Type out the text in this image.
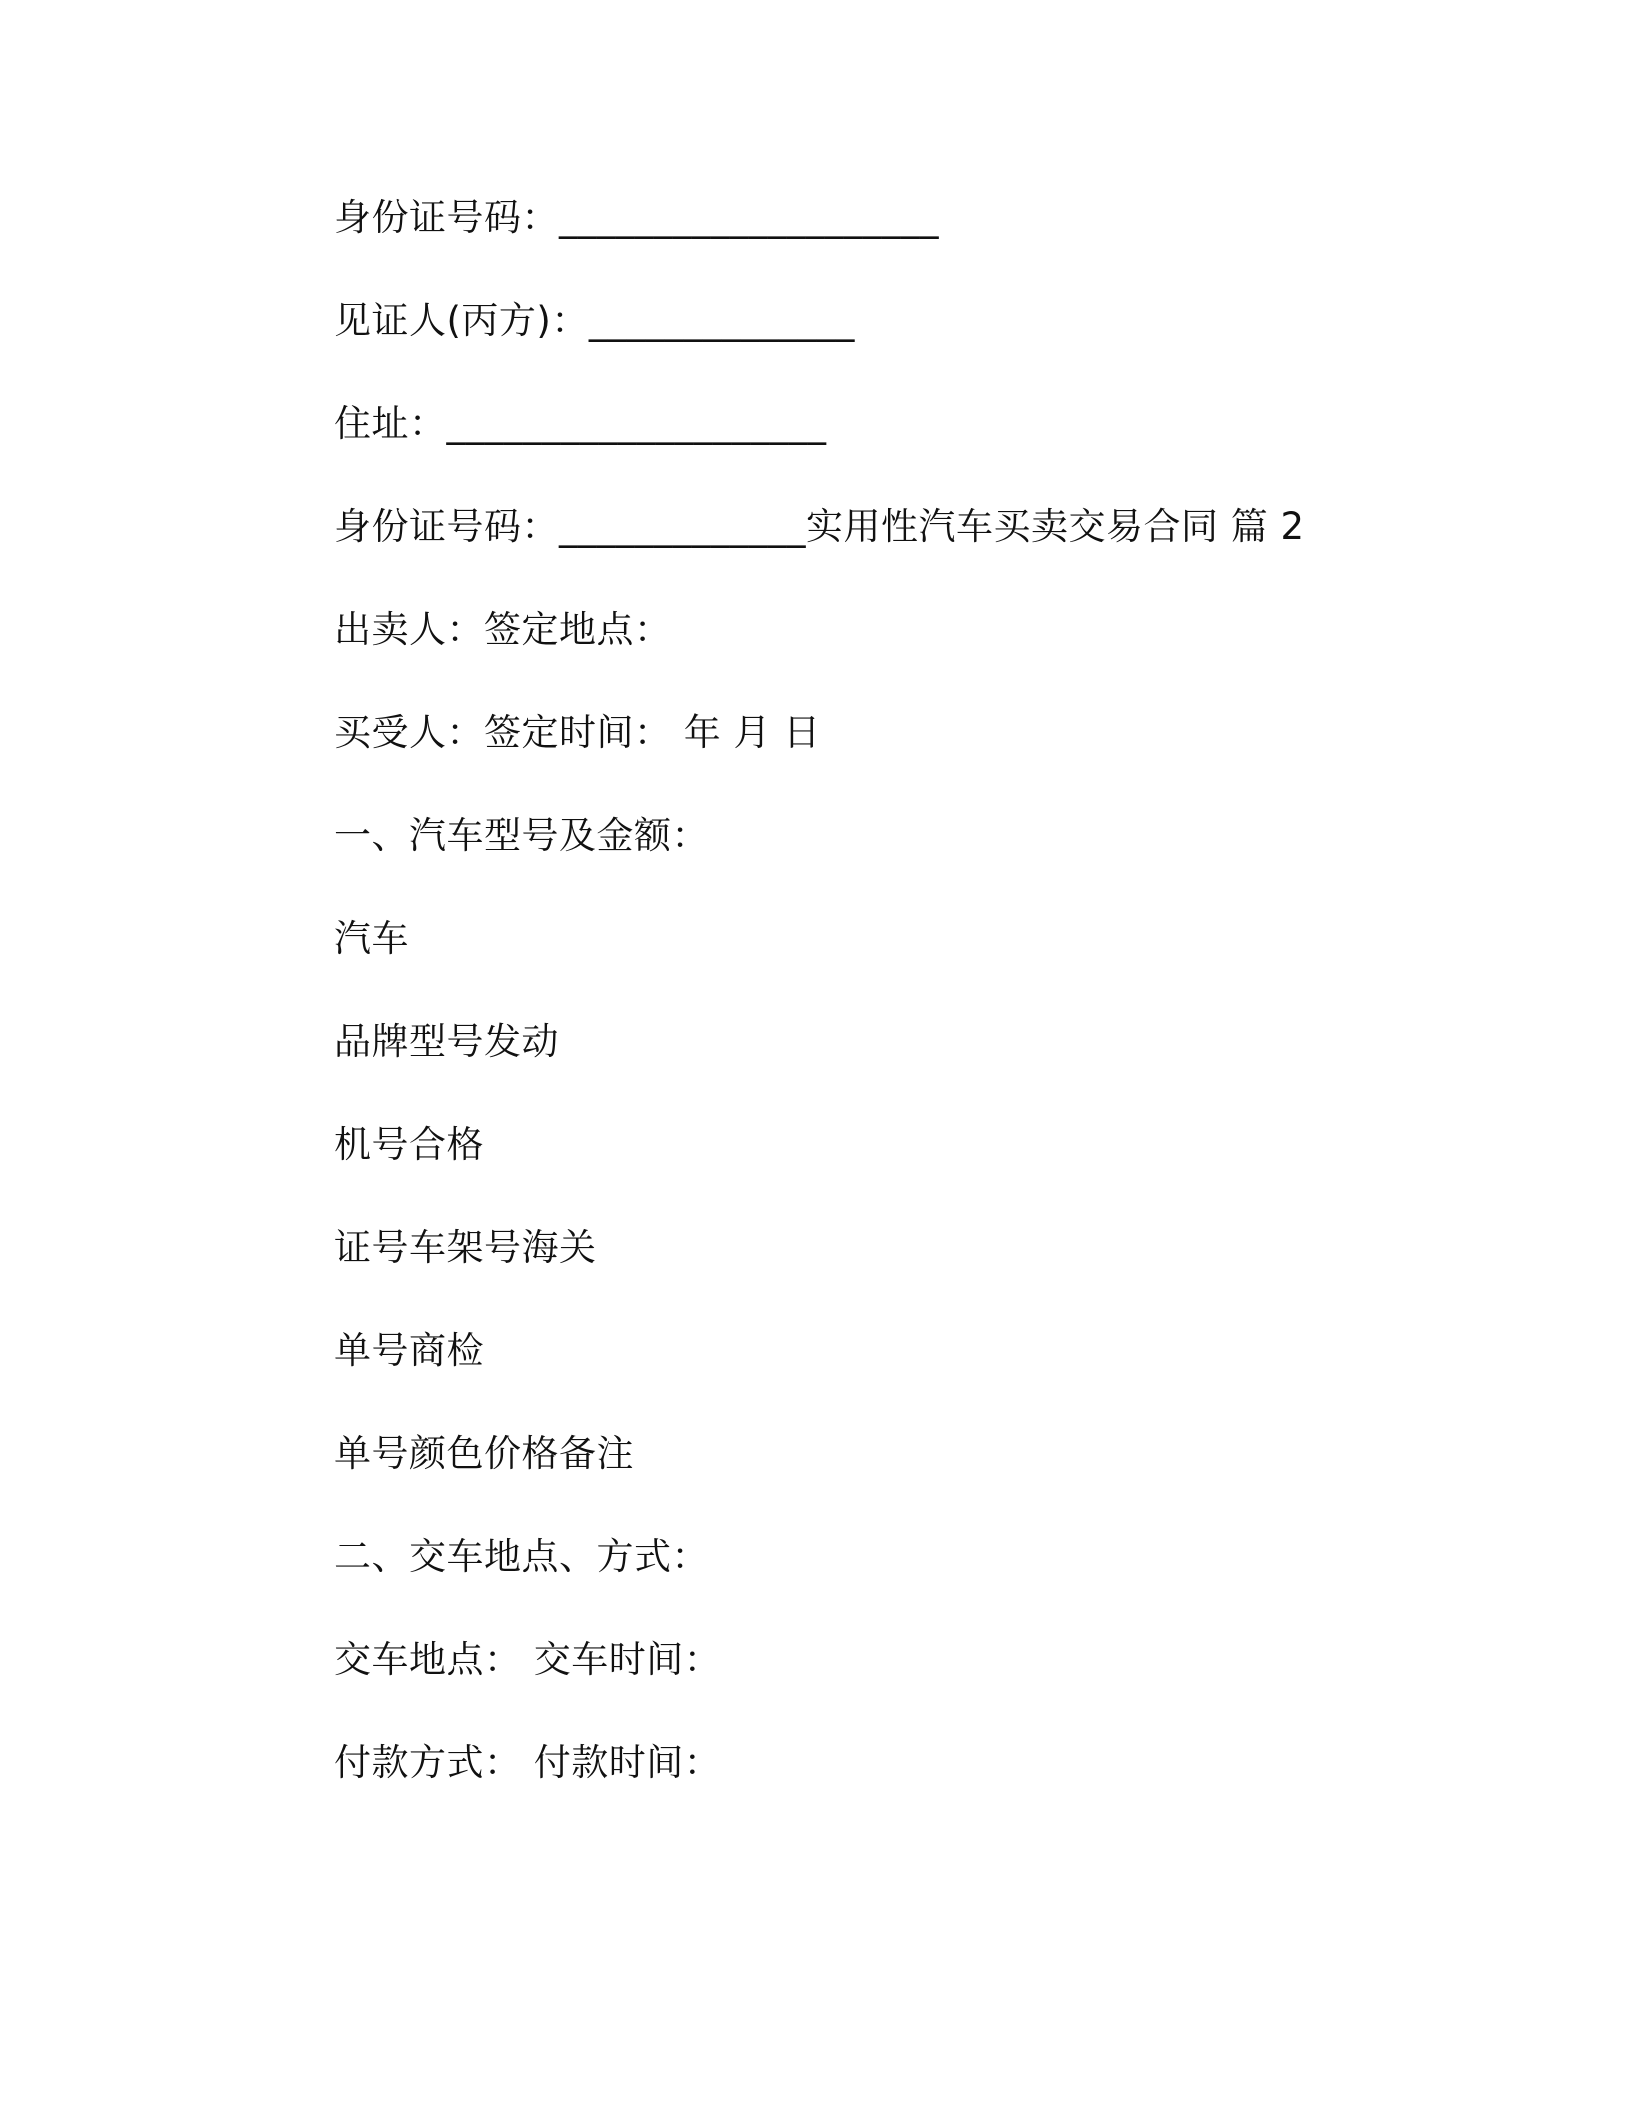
身份证号码：____________________
见证人(丙方)：______________
住址：____________________
身份证号码：_____________实用性汽车买卖交易合同 篇 2
出卖人：签定地点：
买受人：签定时间： 年 月 日
一、汽车型号及金额：
汽车
品牌型号发动
机号合格
证号车架号海关
单号商检
单号颜色价格备注
二、交车地点、方式：
交车地点： 交车时间：
付款方式： 付款时间：
